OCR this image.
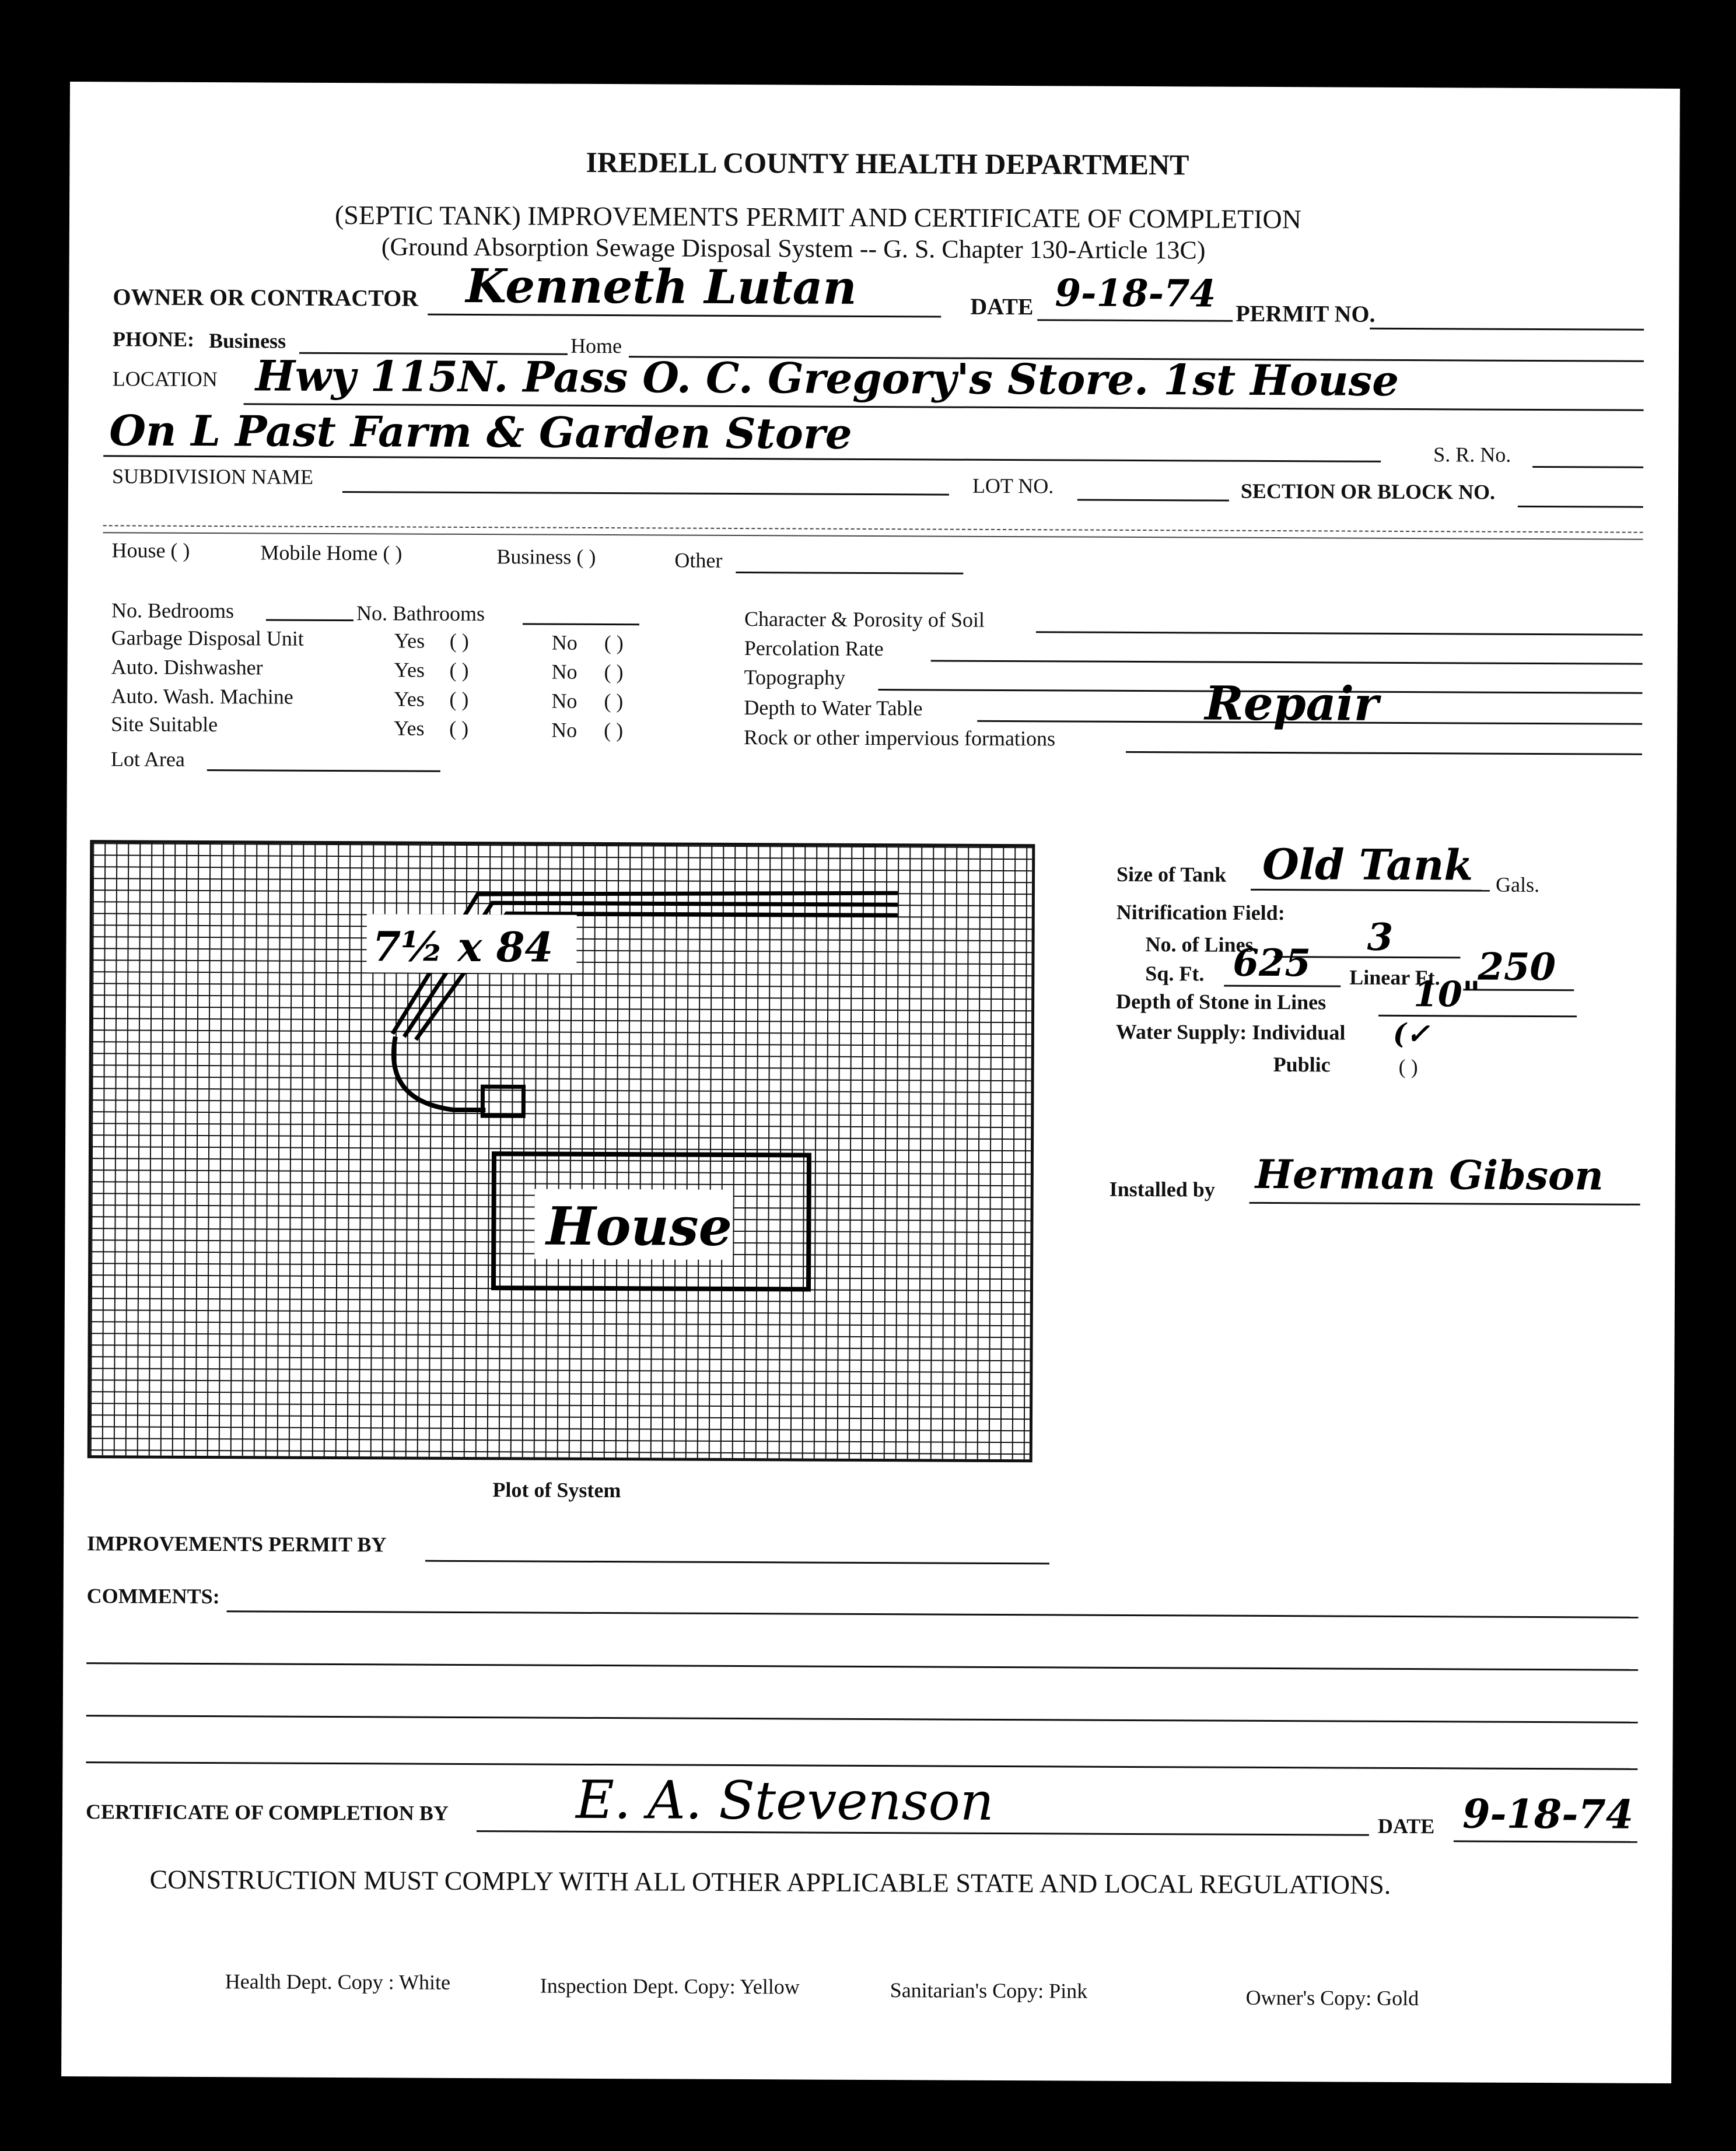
IREDELL COUNTY HEALTH DEPARTMENT
(SEPTIC TANK) IMPROVEMENTS PERMIT AND CERTIFICATE OF COMPLETION
(Ground Absorption Sewage Disposal System -- G. S. Chapter 130-Article 13C)
OWNER OR CONTRACTOR Kenneth Lutan	DATE 9-18-74 PERMIT NO.
PHONE: Business	Home
LOCATION Hwy 115N. Pass O. C. Gregory's Store. 1st House
On L Past Farm & Garden Store	S. R. No.
SUBDIVISION NAME	LOT NO.	SECTION OR BLOCK NO.
House ( )	Mobile Home ( )	Business ( )	Other
No. Bedrooms	No. Bathrooms
Garbage Disposal Unit	Yes ( )	No ( )
Auto. Dishwasher	Yes ( )	No ( )
Auto. Wash. Machine	Yes ( )	No ( )
Site Suitable	Yes ( )	No ( )
Lot Area
Character & Porosity of Soil
Percolation Rate
Topography
Depth to Water Table	Repair
Rock or other impervious formations
7½ x 84
House
Plot of System
Size of Tank Old Tank Gals.
Nitrification Field:
No. of Lines	3
Sq. Ft. 625 Linear Ft. 250
Depth of Stone in Lines 10"
Water Supply: Individual (✓
Public	( )
Installed by Herman Gibson
IMPROVEMENTS PERMIT BY
COMMENTS:
CERTIFICATE OF COMPLETION BY E. A. Stevenson	DATE 9-18-74
CONSTRUCTION MUST COMPLY WITH ALL OTHER APPLICABLE STATE AND LOCAL REGULATIONS.
Health Dept. Copy : White	Inspection Dept. Copy: Yellow	Sanitarian's Copy: Pink	Owner's Copy: Gold
